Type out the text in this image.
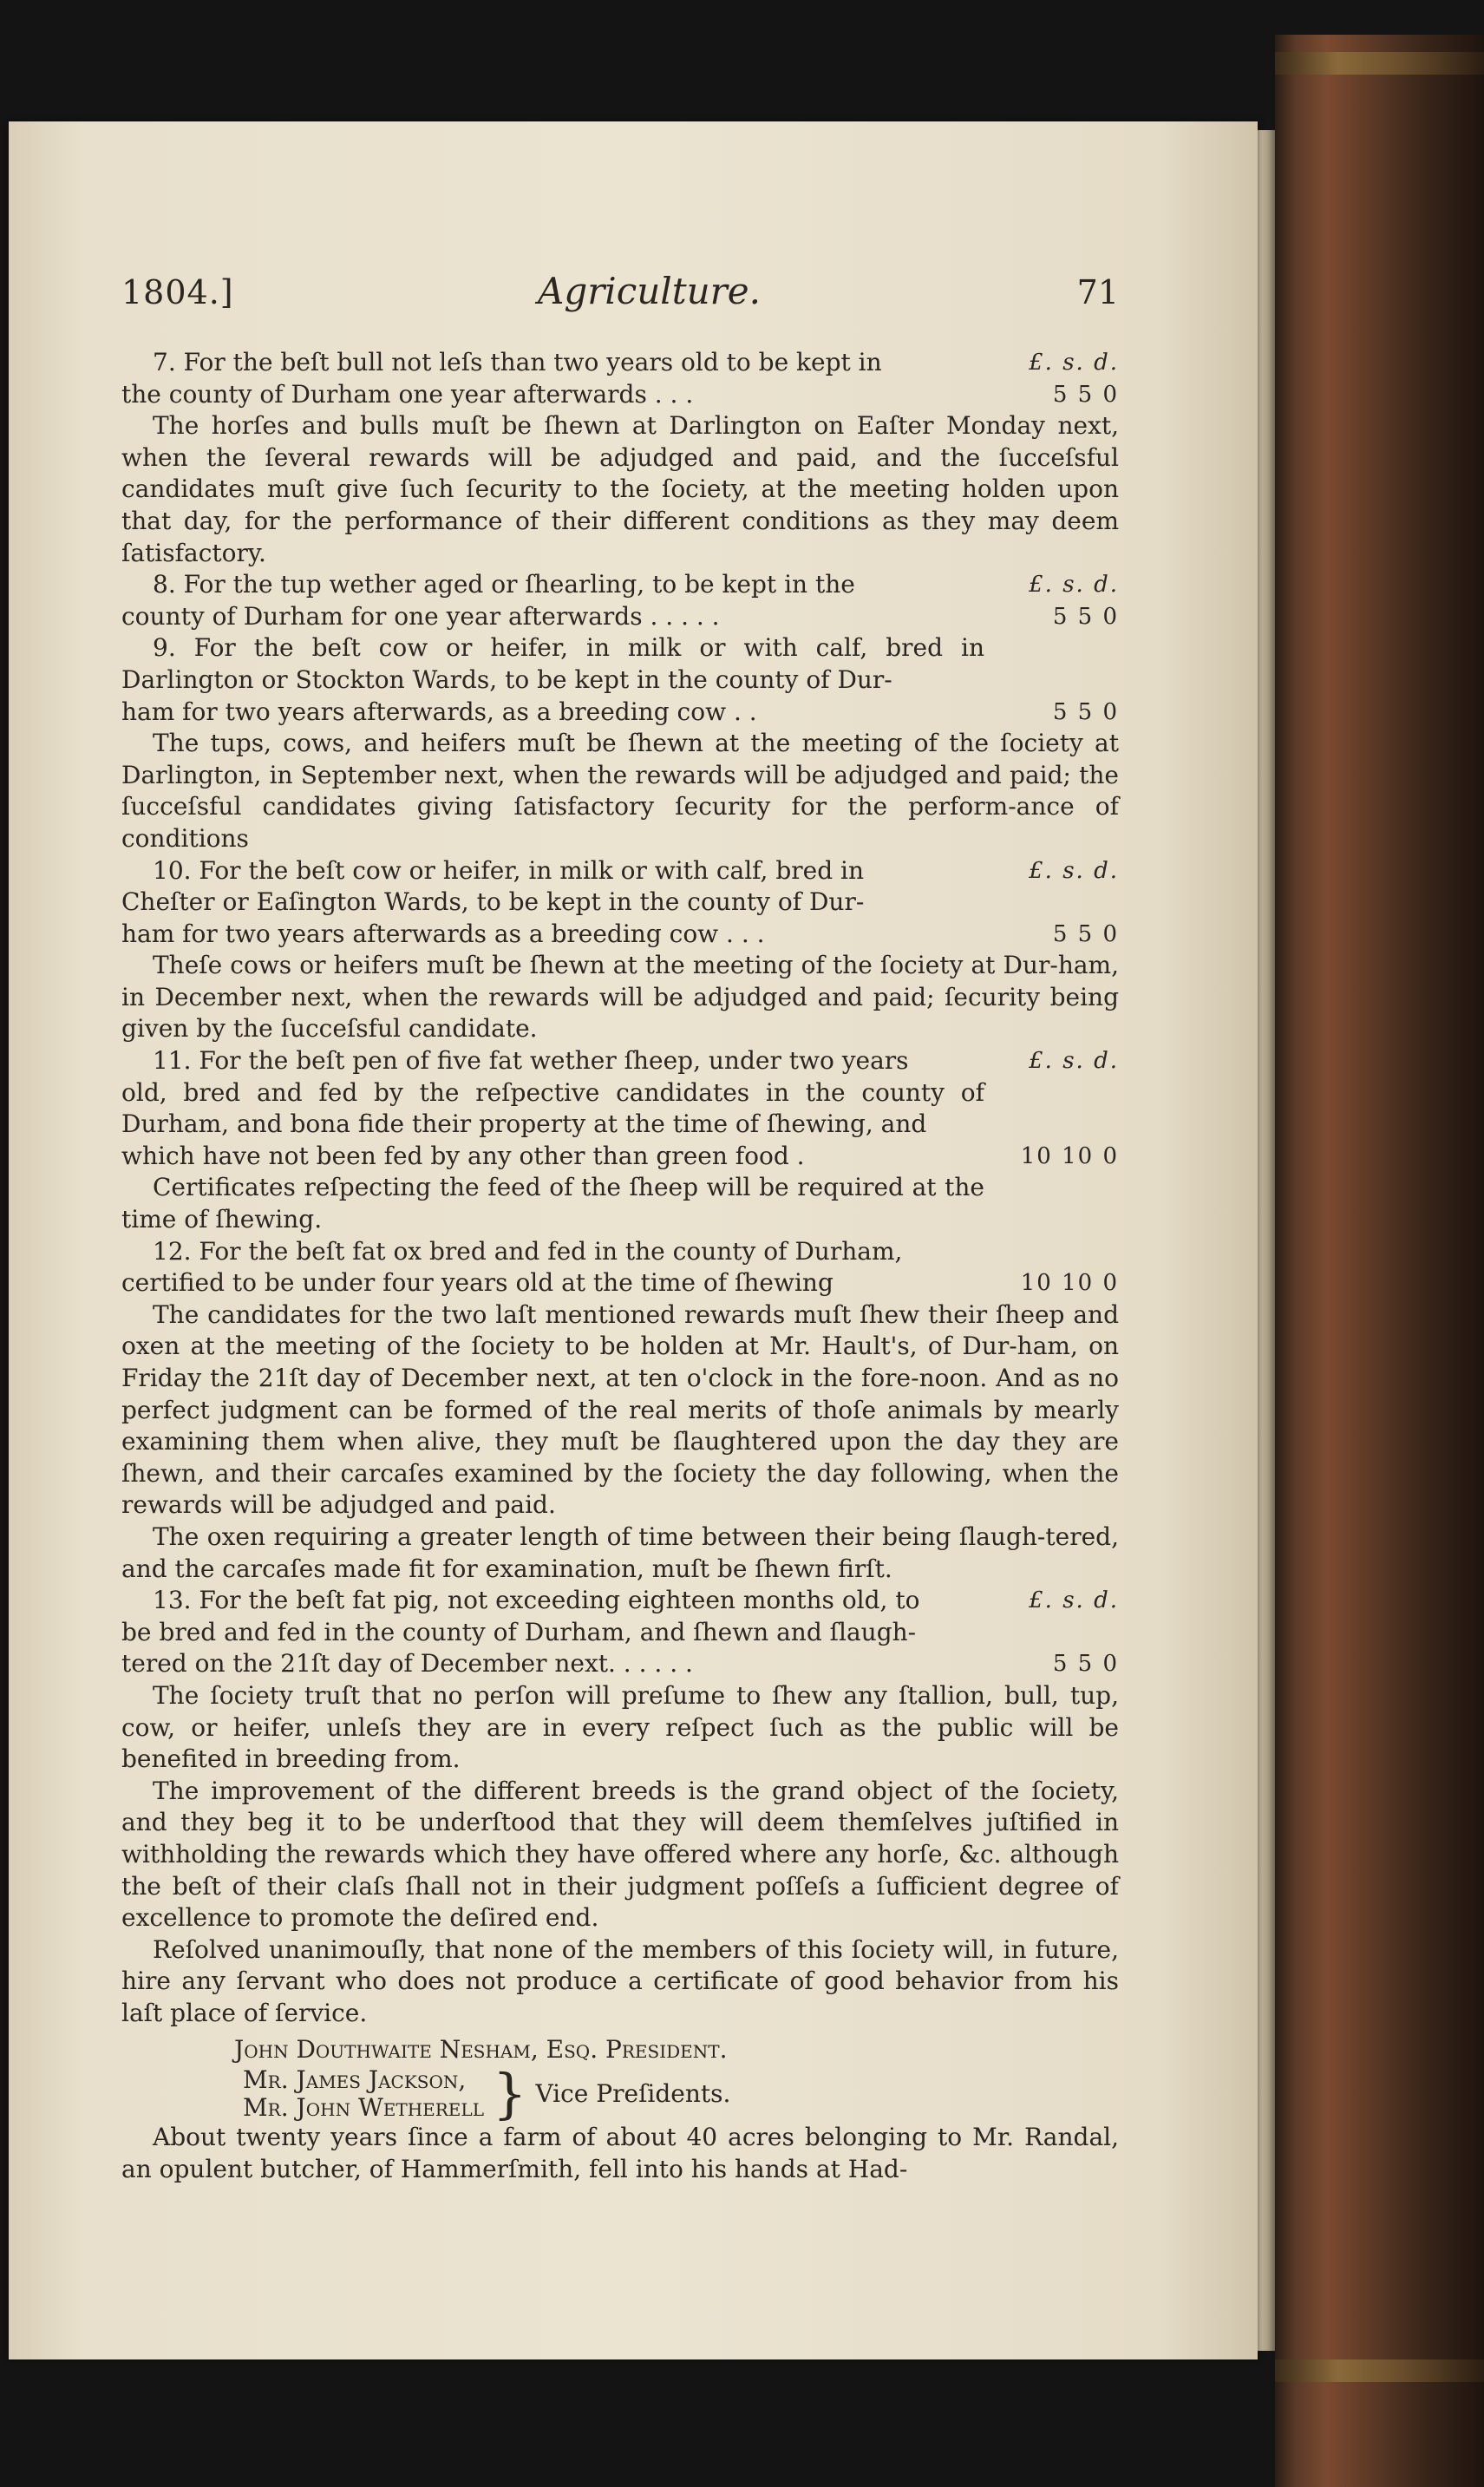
1804.]	Agriculture.	71
7. For the beſt bull not leſs than two years old to be kept in	£. s. d.
the county of Durham one year afterwards . . .	5 5 0

The horſes and bulls muſt be ſhewn at Darlington on Eaſter Monday next, when the ſeveral rewards will be adjudged and paid, and the ſucceſsful candidates muſt give ſuch ſecurity to the ſociety, at the meeting holden upon that day, for the performance of their different conditions as they may deem ſatisfactory.

8. For the tup wether aged or ſhearling, to be kept in the	£. s. d.
county of Durham for one year afterwards . . . . .	5 5 0

9. For the beſt cow or heifer, in milk or with calf, bred in Darlington or Stockton Wards, to be kept in the county of Dur-

ham for two years afterwards, as a breeding cow . .	5 5 0

The tups, cows, and heifers muſt be ſhewn at the meeting of the ſociety at Darlington, in September next, when the rewards will be adjudged and paid; the ſucceſsful candidates giving ſatisfactory ſecurity for the perform-ance of conditions

10. For the beſt cow or heifer, in milk or with calf, bred in	£. s. d.
Cheſter or Eaſington Wards, to be kept in the county of Dur-
ham for two years afterwards as a breeding cow . . .	5 5 0

Theſe cows or heifers muſt be ſhewn at the meeting of the ſociety at Dur-ham, in December next, when the rewards will be adjudged and paid; ſecurity being given by the ſucceſsful candidate.

11. For the beſt pen of five fat wether ſheep, under two years	£. s. d.

old, bred and fed by the reſpective candidates in the county of Durham, and bona fide their property at the time of ſhewing, and

which have not been fed by any other than green food .	10 10 0

Certificates reſpecting the feed of the ſheep will be required at the time of ſhewing.

12. For the beſt fat ox bred and fed in the county of Durham,
certified to be under four years old at the time of ſhewing	10 10 0

The candidates for the two laſt mentioned rewards muſt ſhew their ſheep and oxen at the meeting of the ſociety to be holden at Mr. Hault's, of Dur-ham, on Friday the 21ſt day of December next, at ten o'clock in the fore-noon. And as no perfect judgment can be formed of the real merits of thoſe animals by mearly examining them when alive, they muſt be ſlaughtered upon the day they are ſhewn, and their carcaſes examined by the ſociety the day following, when the rewards will be adjudged and paid.

The oxen requiring a greater length of time between their being ſlaugh-tered, and the carcaſes made fit for examination, muſt be ſhewn firſt.

13. For the beſt fat pig, not exceeding eighteen months old, to	£. s. d.
be bred and fed in the county of Durham, and ſhewn and ſlaugh-
tered on the 21ſt day of December next. . . . . .	5 5 0

The ſociety truſt that no perſon will preſume to ſhew any ſtallion, bull, tup, cow, or heifer, unleſs they are in every reſpect ſuch as the public will be benefited in breeding from.

The improvement of the different breeds is the grand object of the ſociety, and they beg it to be underſtood that they will deem themſelves juſtified in withholding the rewards which they have offered where any horſe, &c. although the beſt of their claſs ſhall not in their judgment poſſeſs a ſufficient degree of excellence to promote the deſired end.

Reſolved unanimouſly, that none of the members of this ſociety will, in future, hire any ſervant who does not produce a certificate of good behavior from his laſt place of ſervice.

John Douthwaite Nesham, Eſq. Preſident.
Mr. James Jackson,
Mr. John Wetherell } Vice Preſidents.

About twenty years ſince a farm of about 40 acres belonging to Mr. Randal, an opulent butcher, of Hammerſmith, fell into his hands at Had-
